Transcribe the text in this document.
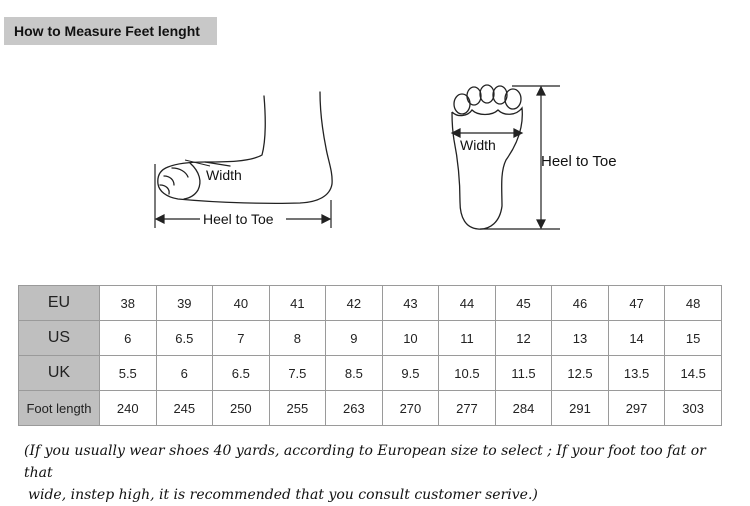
How to Measure Feet lenght
Width
Heel to Toe
Width
Heel to Toe
EU	38	39	40	41	42	43	44	45	46	47	48
US	6	6.5	7	8	9	10	11	12	13	14	15
UK	5.5	6	6.5	7.5	8.5	9.5	10.5	11.5	12.5	13.5	14.5
Foot length	240	245	250	255	263	270	277	284	291	297	303
(If you usually wear shoes 40 yards, according to European size to select ; If your foot too fat or that
wide, instep high, it is recommended that you consult customer serive.)
